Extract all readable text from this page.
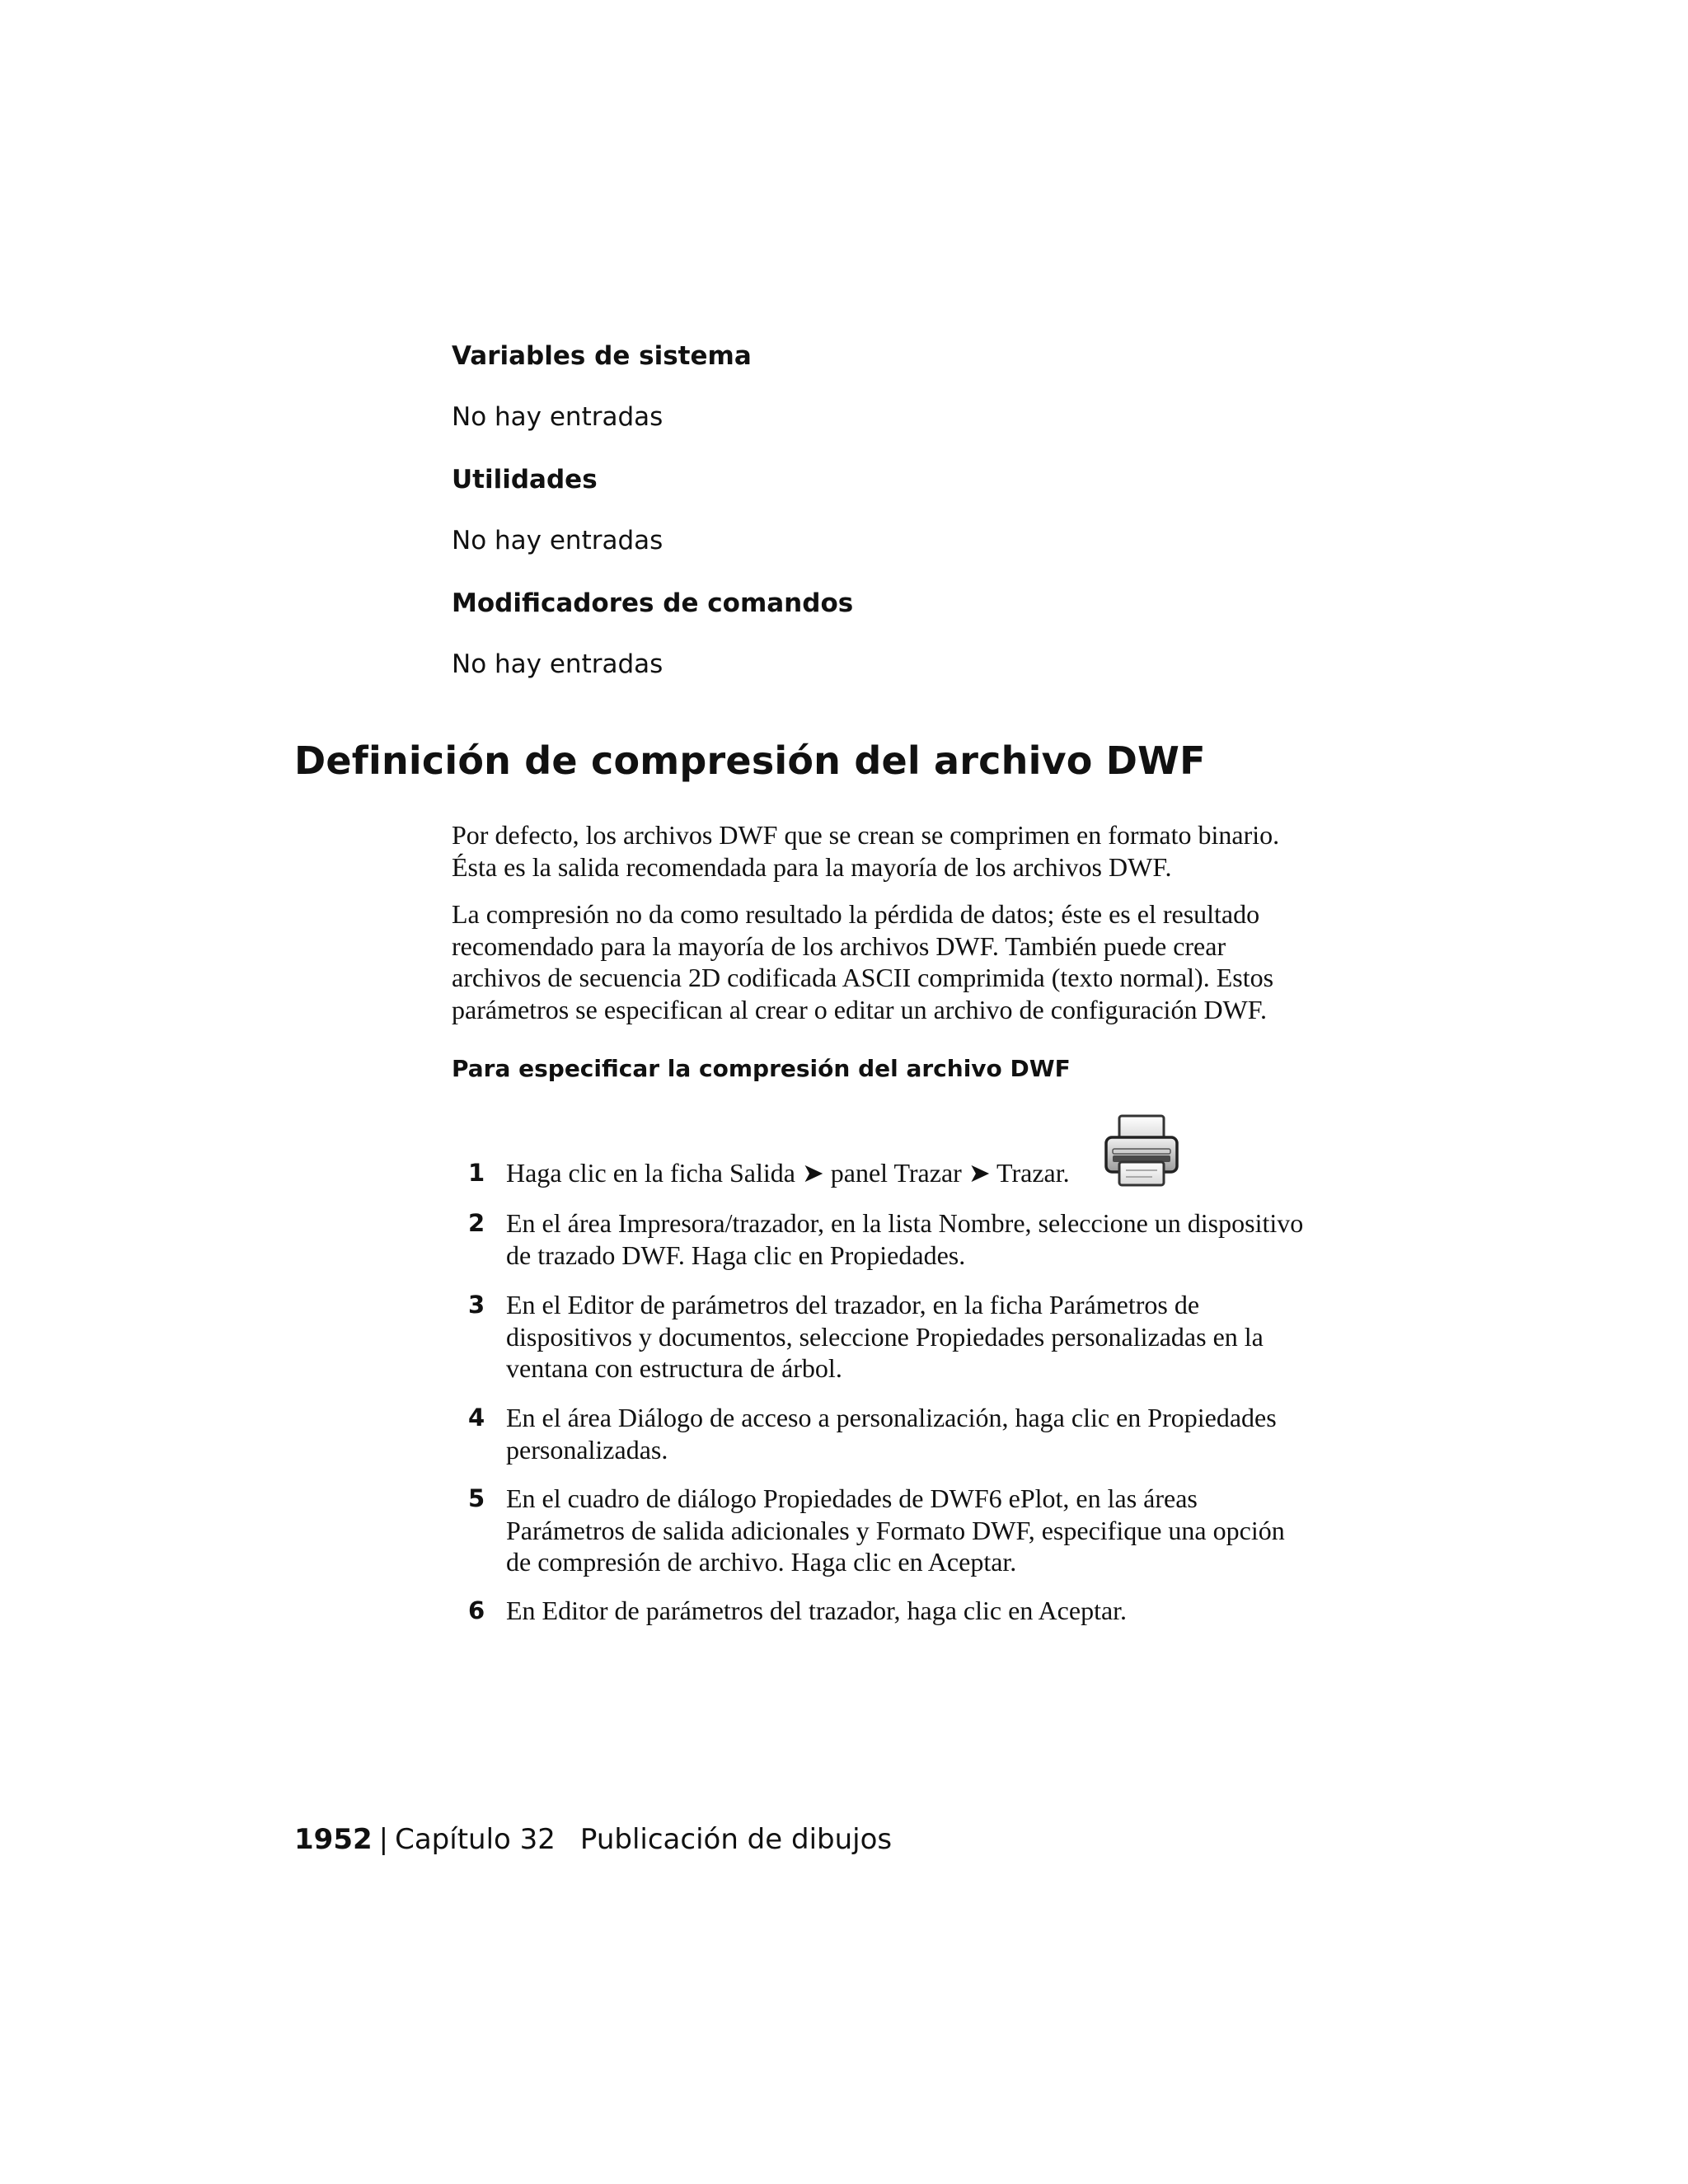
Variables de sistema
No hay entradas
Utilidades
No hay entradas
Modificadores de comandos
No hay entradas
Definición de compresión del archivo DWF
Por defecto, los archivos DWF que se crean se comprimen en formato binario.
Ésta es la salida recomendada para la mayoría de los archivos DWF.
La compresión no da como resultado la pérdida de datos; éste es el resultado
recomendado para la mayoría de los archivos DWF. También puede crear
archivos de secuencia 2D codificada ASCII comprimida (texto normal). Estos
parámetros se especifican al crear o editar un archivo de configuración DWF.
Para especificar la compresión del archivo DWF
1 Haga clic en la ficha Salida ➤ panel Trazar ➤ Trazar.
2 En el área Impresora/trazador, en la lista Nombre, seleccione un dispositivo
de trazado DWF. Haga clic en Propiedades.
3 En el Editor de parámetros del trazador, en la ficha Parámetros de
dispositivos y documentos, seleccione Propiedades personalizadas en la
ventana con estructura de árbol.
4 En el área Diálogo de acceso a personalización, haga clic en Propiedades
personalizadas.
5 En el cuadro de diálogo Propiedades de DWF6 ePlot, en las áreas
Parámetros de salida adicionales y Formato DWF, especifique una opción
de compresión de archivo. Haga clic en Aceptar.
6 En Editor de parámetros del trazador, haga clic en Aceptar.
1952 | Capítulo 32 Publicación de dibujos
